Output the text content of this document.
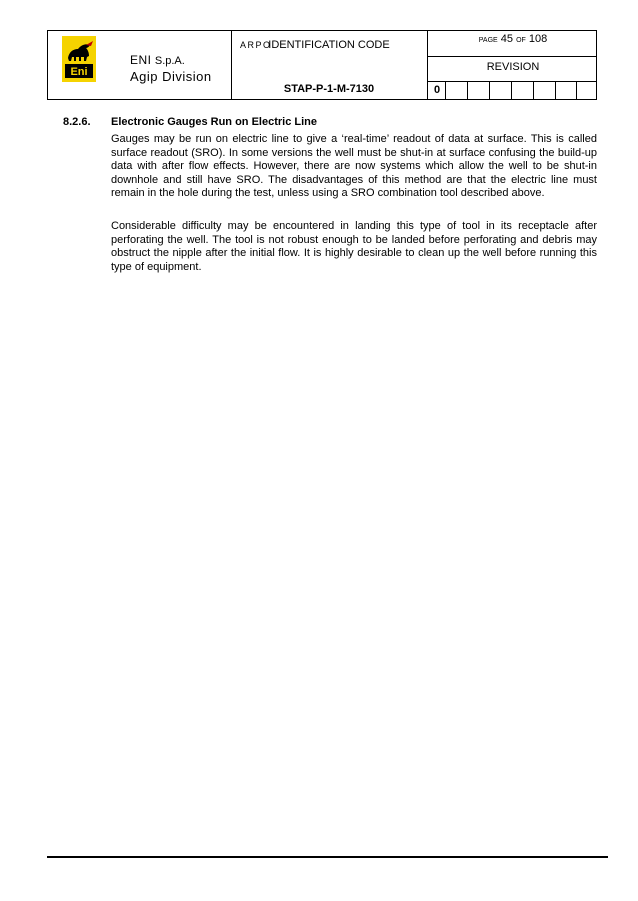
Eni
ARPO
ENI S.p.A.
Agip Division
IDENTIFICATION CODE
STAP-P-1-M-7130
PAGE 45 OF 108
REVISION
0
8.2.6. Electronic Gauges Run on Electric Line

Gauges may be run on electric line to give a ‘real-time’ readout of data at surface. This is called surface readout (SRO). In some versions the well must be shut-in at surface confusing the build-up data with after flow effects. However, there are now systems which allow the well to be shut-in downhole and still have SRO. The disadvantages of this method are that the electric line must remain in the hole during the test, unless using a SRO combination tool described above.

Considerable difficulty may be encountered in landing this type of tool in its receptacle after perforating the well. The tool is not robust enough to be landed before perforating and debris may obstruct the nipple after the initial flow. It is highly desirable to clean up the well before running this type of equipment.
